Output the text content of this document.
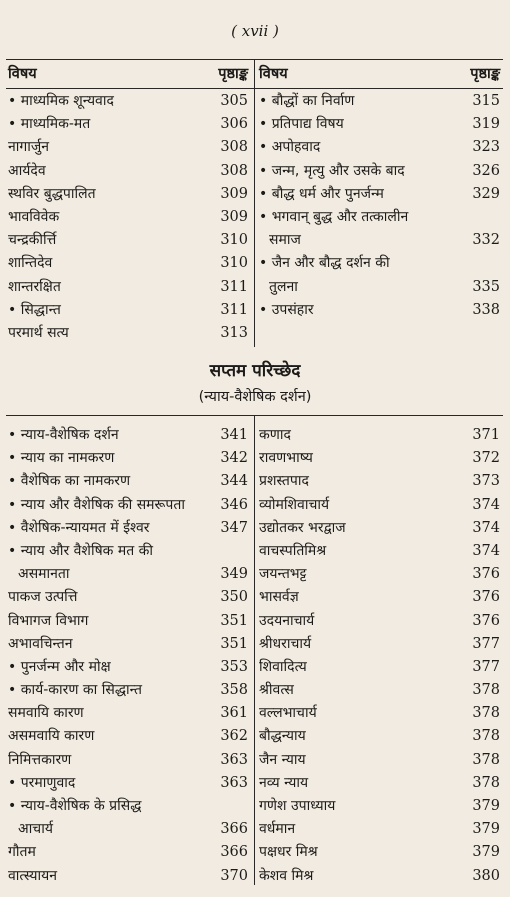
( xvii )
विषय	पृष्ठाङ्क
• माध्यमिक शून्यवाद	305
• माध्यमिक-मत	306
नागार्जुन	308
आर्यदेव	308
स्थविर बुद्धपालित	309
भावविवेक	309
चन्द्रकीर्त्ति	310
शान्तिदेव	310
शान्तरक्षित	311
• सिद्धान्त	311
परमार्थ सत्य	313
विषय	पृष्ठाङ्क
• बौद्धों का निर्वाण	315
• प्रतिपाद्य विषय	319
• अपोहवाद	323
• जन्म, मृत्यु और उसके बाद	326
• बौद्ध धर्म और पुनर्जन्म	329
• भगवान् बुद्ध और तत्कालीन
समाज	332
• जैन और बौद्ध दर्शन की
तुलना	335
• उपसंहार	338
सप्तम परिच्छेद
(न्याय-वैशेषिक दर्शन)
• न्याय-वैशेषिक दर्शन	341
• न्याय का नामकरण	342
• वैशेषिक का नामकरण	344
• न्याय और वैशेषिक की समरूपता 346
• वैशेषिक-न्यायमत में ईश्वर	347
• न्याय और वैशेषिक मत की
असमानता	349
पाकज उत्पत्ति	350
विभागज विभाग	351
अभावचिन्तन	351
• पुनर्जन्म और मोक्ष	353
• कार्य-कारण का सिद्धान्त	358
समवायि कारण	361
असमवायि कारण	362
निमित्तकारण	363
• परमाणुवाद	363
• न्याय-वैशेषिक के प्रसिद्ध
आचार्य	366
गौतम	366
वात्स्यायन	370
कणाद	371
रावणभाष्य	372
प्रशस्तपाद	373
व्योमशिवाचार्य	374
उद्योतकर भरद्वाज	374
वाचस्पतिमिश्र	374
जयन्तभट्ट	376
भासर्वज्ञ	376
उदयनाचार्य	376
श्रीधराचार्य	377
शिवादित्य	377
श्रीवत्स	378
वल्लभाचार्य	378
बौद्धन्याय	378
जैन न्याय	378
नव्य न्याय	378
गणेश उपाध्याय	379
वर्धमान	379
पक्षधर मिश्र	379
केशव मिश्र	380
